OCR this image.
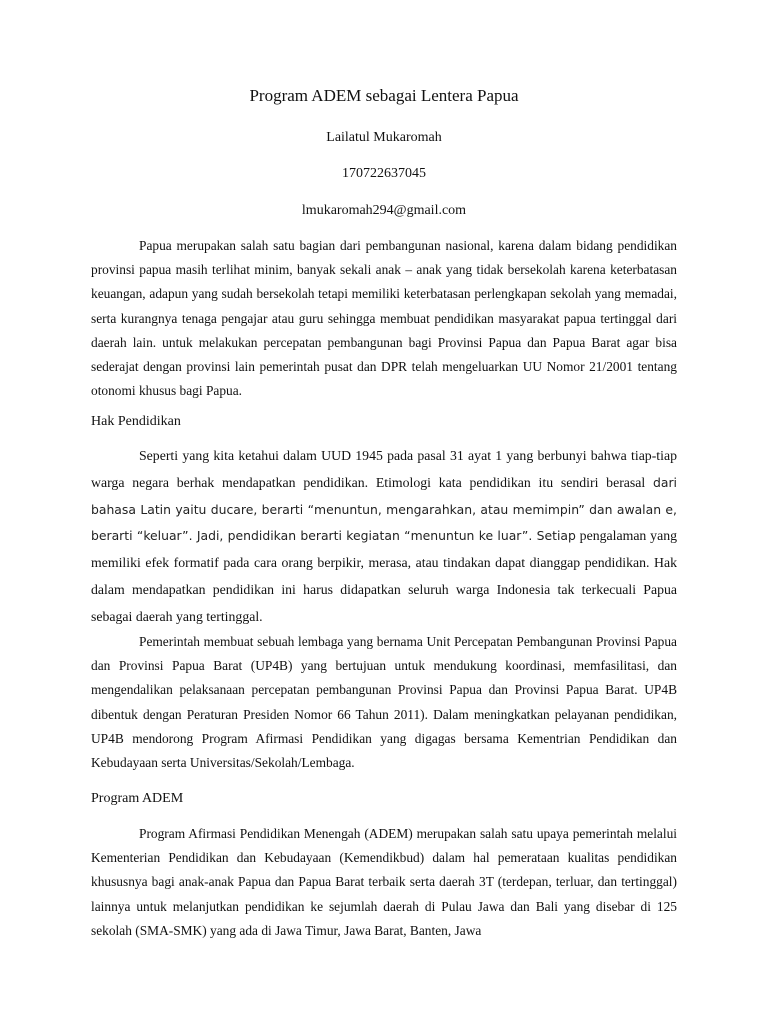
Program ADEM sebagai Lentera Papua
Lailatul Mukaromah
170722637045
lmukaromah294@gmail.com

Papua merupakan salah satu bagian dari pembangunan nasional, karena dalam bidang pendidikan provinsi papua masih terlihat minim, banyak sekali anak – anak yang tidak bersekolah karena keterbatasan keuangan, adapun yang sudah bersekolah tetapi memiliki keterbatasan perlengkapan sekolah yang memadai, serta kurangnya tenaga pengajar atau guru sehingga membuat pendidikan masyarakat papua tertinggal dari daerah lain. untuk melakukan percepatan pembangunan bagi Provinsi Papua dan Papua Barat agar bisa sederajat dengan provinsi lain pemerintah pusat dan DPR telah mengeluarkan UU Nomor 21/2001 tentang otonomi khusus bagi Papua.

Hak Pendidikan

Seperti yang kita ketahui dalam UUD 1945 pada pasal 31 ayat 1 yang berbunyi bahwa tiap-tiap warga negara berhak mendapatkan pendidikan. Etimologi kata pendidikan itu sendiri berasal dari bahasa Latin yaitu ducare, berarti “menuntun, mengarahkan, atau memimpin” dan awalan e, berarti “keluar”. Jadi, pendidikan berarti kegiatan “menuntun ke luar”. Setiap pengalaman yang memiliki efek formatif pada cara orang berpikir, merasa, atau tindakan dapat dianggap pendidikan. Hak dalam mendapatkan pendidikan ini harus didapatkan seluruh warga Indonesia tak terkecuali Papua sebagai daerah yang tertinggal.

Pemerintah membuat sebuah lembaga yang bernama Unit Percepatan Pembangunan Provinsi Papua dan Provinsi Papua Barat (UP4B) yang bertujuan untuk mendukung koordinasi, memfasilitasi, dan mengendalikan pelaksanaan percepatan pembangunan Provinsi Papua dan Provinsi Papua Barat. UP4B dibentuk dengan Peraturan Presiden Nomor 66 Tahun 2011). Dalam meningkatkan pelayanan pendidikan, UP4B mendorong Program Afirmasi Pendidikan yang digagas bersama Kementrian Pendidikan dan Kebudayaan serta Universitas/Sekolah/Lembaga.

Program ADEM

Program Afirmasi Pendidikan Menengah (ADEM) merupakan salah satu upaya pemerintah melalui Kementerian Pendidikan dan Kebudayaan (Kemendikbud) dalam hal pemerataan kualitas pendidikan khususnya bagi anak-anak Papua dan Papua Barat terbaik serta daerah 3T (terdepan, terluar, dan tertinggal) lainnya untuk melanjutkan pendidikan ke sejumlah daerah di Pulau Jawa dan Bali yang disebar di 125 sekolah (SMA-SMK) yang ada di Jawa Timur, Jawa Barat, Banten, Jawa
